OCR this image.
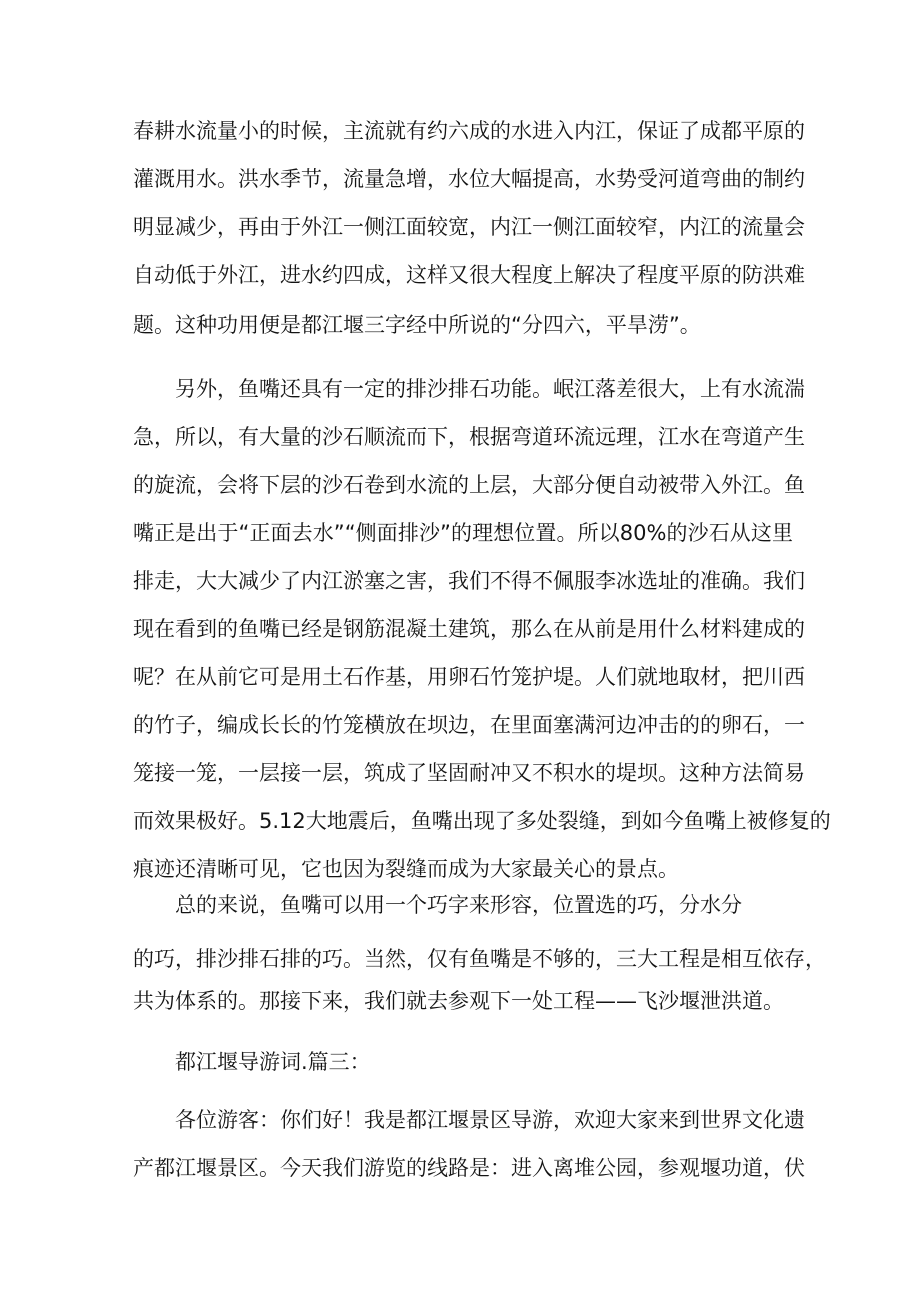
春耕水流量小的时候，主流就有约六成的水进入内江，保证了成都平原的
灌溉用水。洪水季节，流量急增，水位大幅提高，水势受河道弯曲的制约
明显减少，再由于外江一侧江面较宽，内江一侧江面较窄，内江的流量会
自动低于外江，进水约四成，这样又很大程度上解决了程度平原的防洪难
题。这种功用便是都江堰三字经中所说的“分四六，平旱涝”。
另外，鱼嘴还具有一定的排沙排石功能。岷江落差很大，上有水流湍
急，所以，有大量的沙石顺流而下，根据弯道环流远理，江水在弯道产生
的旋流，会将下层的沙石卷到水流的上层，大部分便自动被带入外江。鱼
嘴正是出于“正面去水”“侧面排沙”的理想位置。所以80%的沙石从这里
排走，大大减少了内江淤塞之害，我们不得不佩服李冰选址的准确。我们
现在看到的鱼嘴已经是钢筋混凝土建筑，那么在从前是用什么材料建成的
呢？在从前它可是用土石作基，用卵石竹笼护堤。人们就地取材，把川西
的竹子，编成长长的竹笼横放在坝边，在里面塞满河边冲击的的卵石，一
笼接一笼，一层接一层，筑成了坚固耐冲又不积水的堤坝。这种方法简易
而效果极好。5.12大地震后，鱼嘴出现了多处裂缝，到如今鱼嘴上被修复的
痕迹还清晰可见，它也因为裂缝而成为大家最关心的景点。
总的来说，鱼嘴可以用一个巧字来形容，位置选的巧，分水分
的巧，排沙排石排的巧。当然，仅有鱼嘴是不够的，三大工程是相互依存，
共为体系的。那接下来，我们就去参观下一处工程——飞沙堰泄洪道。
都江堰导游词.篇三：
各位游客：你们好！我是都江堰景区导游，欢迎大家来到世界文化遗
产都江堰景区。今天我们游览的线路是：进入离堆公园，参观堰功道，伏
